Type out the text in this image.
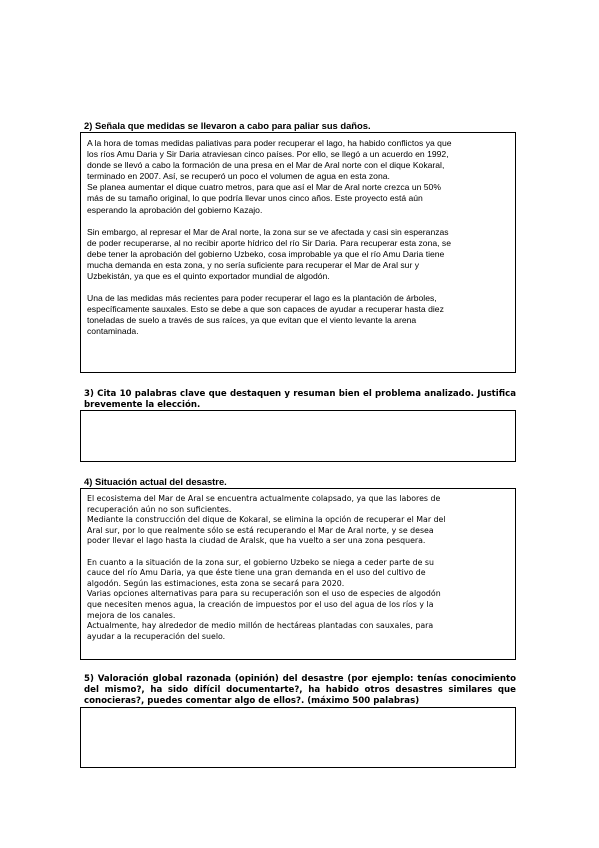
2) Señala que medidas se llevaron a cabo para paliar sus daños.

A la hora de tomas medidas paliativas para poder recuperar el lago, ha habido conflictos ya que
los ríos Amu Daria y Sir Daria atraviesan cinco países. Por ello, se llegó a un acuerdo en 1992,
donde se llevó a cabo la formación de una presa en el Mar de Aral norte con el dique Kokaral,
terminado en 2007. Así, se recuperó un poco el volumen de agua en esta zona.
Se planea aumentar el dique cuatro metros, para que así el Mar de Aral norte crezca un 50%
más de su tamaño original, lo que podría llevar unos cinco años. Este proyecto está aún
esperando la aprobación del gobierno Kazajo.

Sin embargo, al represar el Mar de Aral norte, la zona sur se ve afectada y casi sin esperanzas
de poder recuperarse, al no recibir aporte hídrico del río Sir Daria. Para recuperar esta zona, se
debe tener la aprobación del gobierno Uzbeko, cosa improbable ya que el río Amu Daria tiene
mucha demanda en esta zona, y no sería suficiente para recuperar el Mar de Aral sur y
Uzbekistán, ya que es el quinto exportador mundial de algodón.

Una de las medidas más recientes para poder recuperar el lago es la plantación de árboles,
específicamente sauxales. Esto se debe a que son capaces de ayudar a recuperar hasta diez
toneladas de suelo a través de sus raíces, ya que evitan que el viento levante la arena
contaminada.

3) Cita 10 palabras clave que destaquen y resuman bien el problema analizado. Justifica brevemente la elección.

4) Situación actual del desastre.

El ecosistema del Mar de Aral se encuentra actualmente colapsado, ya que las labores de
recuperación aún no son suficientes.
Mediante la construcción del dique de Kokaral, se elimina la opción de recuperar el Mar del
Aral sur, por lo que realmente sólo se está recuperando el Mar de Aral norte, y se desea
poder llevar el lago hasta la ciudad de Aralsk, que ha vuelto a ser una zona pesquera.

En cuanto a la situación de la zona sur, el gobierno Uzbeko se niega a ceder parte de su
cauce del río Amu Daria, ya que éste tiene una gran demanda en el uso del cultivo de
algodón. Según las estimaciones, esta zona se secará para 2020.
Varias opciones alternativas para para su recuperación son el uso de especies de algodón
que necesiten menos agua, la creación de impuestos por el uso del agua de los ríos y la
mejora de los canales.
Actualmente, hay alrededor de medio millón de hectáreas plantadas con sauxales, para
ayudar a la recuperación del suelo.

5) Valoración global razonada (opinión) del desastre (por ejemplo: tenías conocimiento del mismo?, ha sido difícil documentarte?, ha habido otros desastres similares que conocieras?, puedes comentar algo de ellos?. (máximo 500 palabras)
